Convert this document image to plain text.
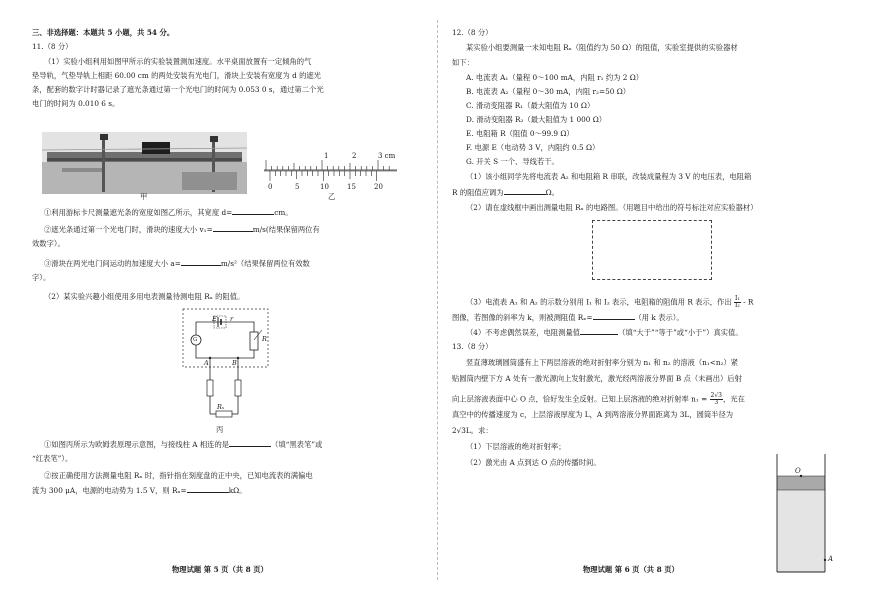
三、非选择题：本题共 5 小题，共 54 分。
11.（8 分）
（1）实验小组利用如图甲所示的实验装置测加速度。水平桌面放置有一定倾角的气
垫导轨，气垫导轨上相距 60.00 cm 的两处安装有光电门，滑块上安装有宽度为 d 的遮光
条，配套的数字计时器记录了遮光条通过第一个光电门的时间为 0.053 0 s，通过第二个光
电门的时间为 0.010 6 s。
甲
1	2	3 cm
0	5	10	15	20
乙
①利用游标卡尺测量遮光条的宽度如图乙所示，其宽度 d=	cm。
②遮光条通过第一个光电门时，滑块的速度大小 v₁=	m/s(结果保留两位有
效数字）。
③滑块在两光电门间运动的加速度大小 a=	m/s²（结果保留两位有效数
字）。
（2）某实验兴趣小组使用多用电表测量待测电阻 Rₓ 的阻值。
E r
R
G
A	B
Rₓ
丙
①如图丙所示为欧姆表原理示意图，与接线柱 A 相连的是	（填“黑表笔”或
“红表笔”）。
②按正确使用方法测量电阻 Rₓ 时，指针指在刻度盘的正中央，已知电流表的满偏电
流为 300 μA，电源的电动势为 1.5 V，则 Rₓ=	kΩ。
物理试题 第 5 页（共 8 页）
12.（8 分）
某实验小组要测量一未知电阻 Rₓ（阻值约为 50 Ω）的阻值，实验室提供的实验器材
如下：
A. 电流表 A₁（量程 0～100 mA，内阻 r₁ 约为 2 Ω）
B. 电流表 A₂（量程 0～30 mA，内阻 r₂=50 Ω）
C. 滑动变阻器 R₁（最大阻值为 10 Ω）
D. 滑动变阻器 R₂（最大阻值为 1 000 Ω）
E. 电阻箱 R（阻值 0～99.9 Ω）
F. 电源 E（电动势 3 V，内阻约 0.5 Ω）
G. 开关 S 一个、导线若干。
（1）该小组同学先将电流表 A₂ 和电阻箱 R 串联，改装成量程为 3 V 的电压表，电阻箱
R 的阻值应调为	Ω。
（2）请在虚线框中画出测量电阻 Rₓ 的电路图。（用题目中给出的符号标注对应实验器材）
（3）电流表 A₁ 和 A₂ 的示数分别用 I₁ 和 I₂ 表示，电阻箱的阻值用 R 表示，作出 $\frac{\text{I₁}}{\text{I₂}}$ - R
图像，若图像的斜率为 k，则被测阻值 Rₓ=	（用 k 表示）。
（4）不考虑偶然误差，电阻测量值	（填“大于”“等于”或“小于”）真实值。
13.（8 分）
竖直薄玻璃圆筒盛有上下两层溶液的绝对折射率分别为 n₁ 和 n₂ 的溶液（n₁<n₂）紧
贴圆筒内壁下方 A 处有一激光源向上发射激光，激光经两溶液分界面 B 点（未画出）后射
向上层溶液表面中心 O 点，恰好发生全反射。已知上层溶液的绝对折射率 $n_1 = \frac{2√3}{3}$ ，光在
真空中的传播速度为 c，上层溶液厚度为 L，A 到两溶液分界面距离为 3L，圆筒半径为
2√3L。求：
（1）下层溶液的绝对折射率；
（2）激光由 A 点到达 O 点的传播时间。
O
A
物理试题 第 6 页（共 8 页）
